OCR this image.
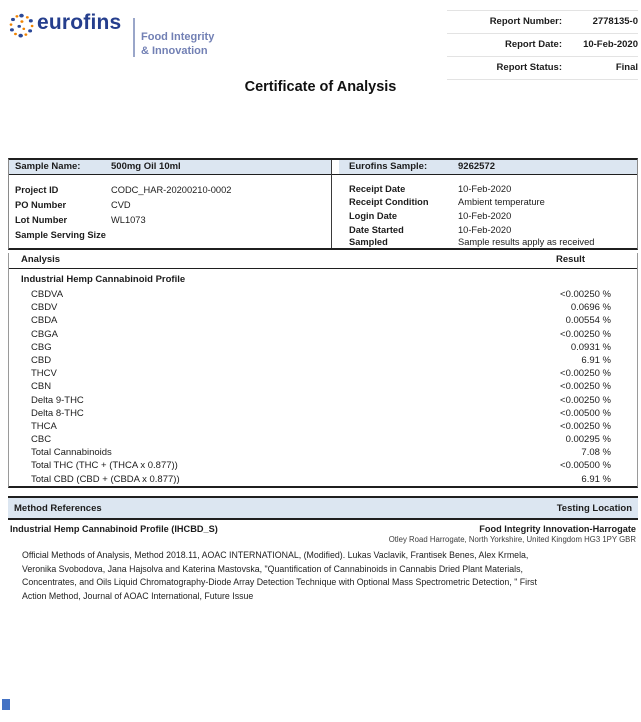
eurofins
Food Integrity
& Innovation
Report Number:	2778135-0
Report Date:	10-Feb-2020
Report Status:	Final
Certificate of Analysis
Sample Name:	500mg Oil 10ml	Eurofins Sample:	9262572
Project ID	CODC_HAR-20200210-0002
PO Number	CVD
Lot Number	WL1073
Sample Serving Size
Receipt Date	10-Feb-2020
Receipt Condition	Ambient temperature
Login Date	10-Feb-2020
Date Started	10-Feb-2020
Sampled	Sample results apply as received
Analysis	Result
Industrial Hemp Cannabinoid Profile
CBDVA	<0.00250 %
CBDV	0.0696 %
CBDA	0.00554 %
CBGA	<0.00250 %
CBG	0.0931 %
CBD	6.91 %
THCV	<0.00250 %
CBN	<0.00250 %
Delta 9-THC	<0.00250 %
Delta 8-THC	<0.00500 %
THCA	<0.00250 %
CBC	0.00295 %
Total Cannabinoids	7.08 %
Total THC (THC + (THCA x 0.877))	<0.00500 %
Total CBD (CBD + (CBDA x 0.877))	6.91 %
Method References	Testing Location
Industrial Hemp Cannabinoid Profile (IHCBD_S)	Food Integrity Innovation-Harrogate
Otley Road Harrogate, North Yorkshire, United Kingdom HG3 1PY GBR
Official Methods of Analysis, Method 2018.11, AOAC INTERNATIONAL, (Modified). Lukas Vaclavik, Frantisek Benes, Alex Krmela, Veronika Svobodova, Jana Hajsolva and Katerina Mastovska, "Quantification of Cannabinoids in Cannabis Dried Plant Materials, Concentrates, and Oils Liquid Chromatography-Diode Array Detection Technique with Optional Mass Spectrometric Detection, " First Action Method, Journal of AOAC International, Future Issue
